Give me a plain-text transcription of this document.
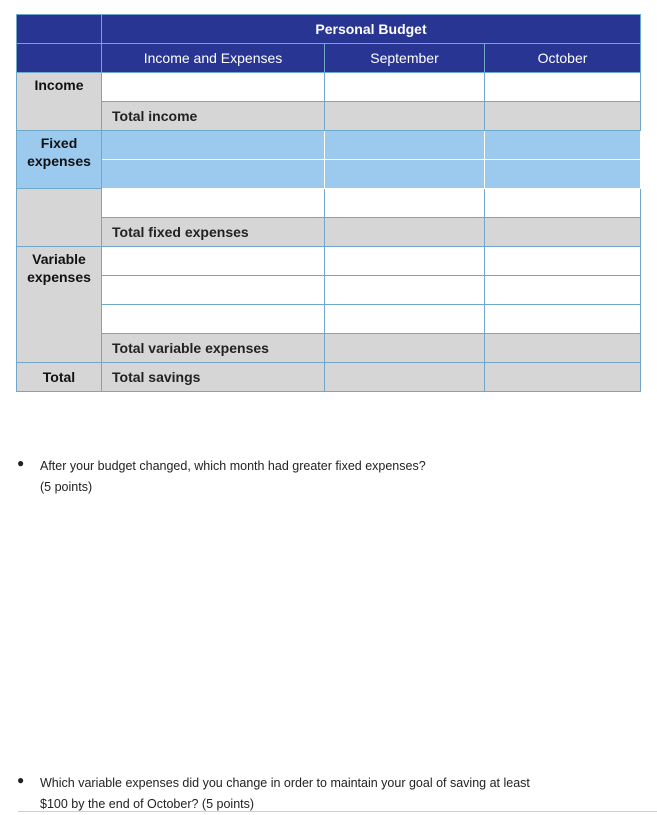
	Personal Budget		
	Income and Expenses	September	October
Income			
	Total income		
Fixed expenses			

	Total fixed expenses		
Variable expenses			

	Total variable expenses		
Total	Total savings		
● After your budget changed, which month had greater fixed expenses?
(5 points)
● Which variable expenses did you change in order to maintain your goal of saving at least
$100 by the end of October? (5 points)
